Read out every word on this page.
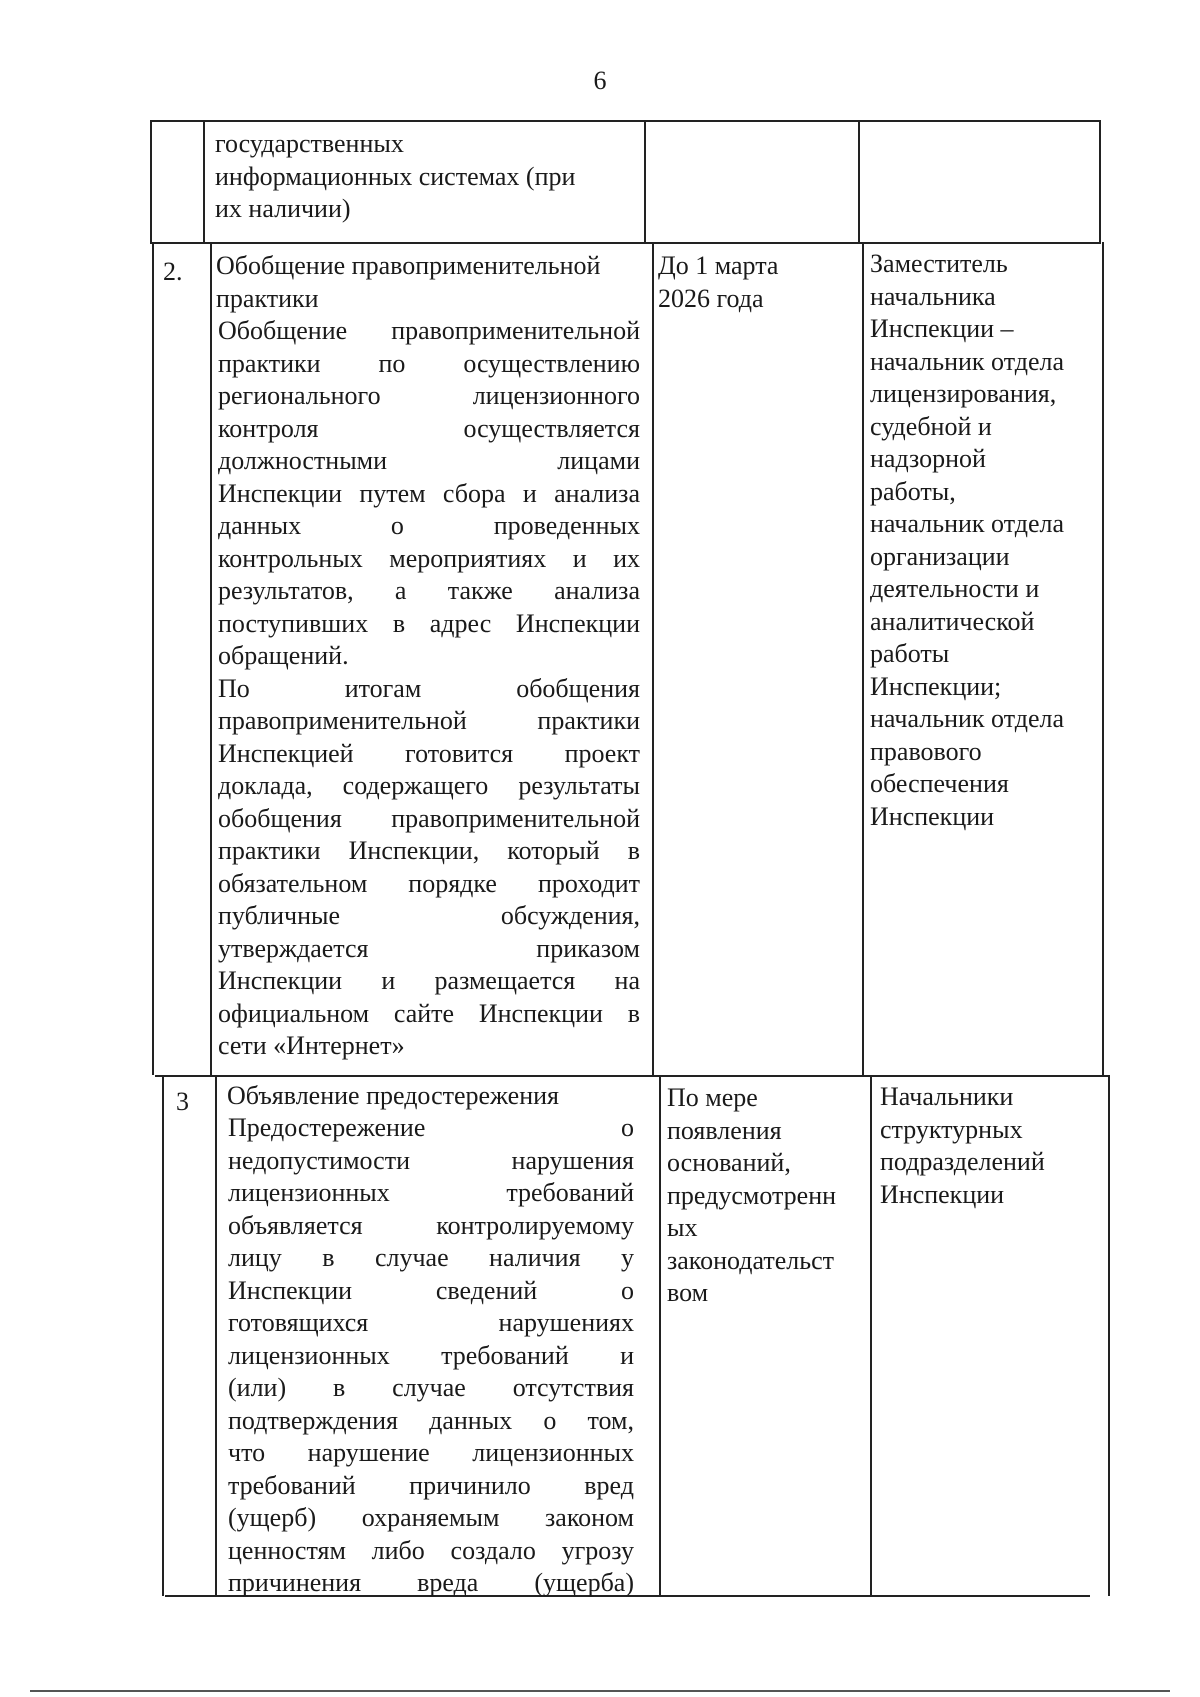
6
государственных
информационных системах (при
их наличии)
2. Обобщение правоприменительной
практики
Обобщение правоприменительной
практики по осуществлению
регионального лицензионного
контроля осуществляется
должностными лицами
Инспекции путем сбора и анализа
данных о проведенных
контрольных мероприятиях и их
результатов, а также анализа
поступивших в адрес Инспекции
обращений.
По итогам обобщения
правоприменительной практики
Инспекцией готовится проект
доклада, содержащего результаты
обобщения правоприменительной
практики Инспекции, который в
обязательном порядке проходит
публичные обсуждения,
утверждается приказом
Инспекции и размещается на
официальном сайте Инспекции в
сети «Интернет»
До 1 марта
2026 года
Заместитель
начальника
Инспекции –
начальник отдела
лицензирования,
судебной и
надзорной
работы,
начальник отдела
организации
деятельности и
аналитической
работы
Инспекции;
начальник отдела
правового
обеспечения
Инспекции
3 Объявление предостережения
Предостережение о
недопустимости нарушения
лицензионных требований
объявляется контролируемому
лицу в случае наличия у
Инспекции сведений о
готовящихся нарушениях
лицензионных требований и
(или) в случае отсутствия
подтверждения данных о том,
что нарушение лицензионных
требований причинило вред
(ущерб) охраняемым законом
ценностям либо создало угрозу
причинения вреда (ущерба)
По мере
появления
оснований,
предусмотренн
ых
законодательст
вом
Начальники
структурных
подразделений
Инспекции
